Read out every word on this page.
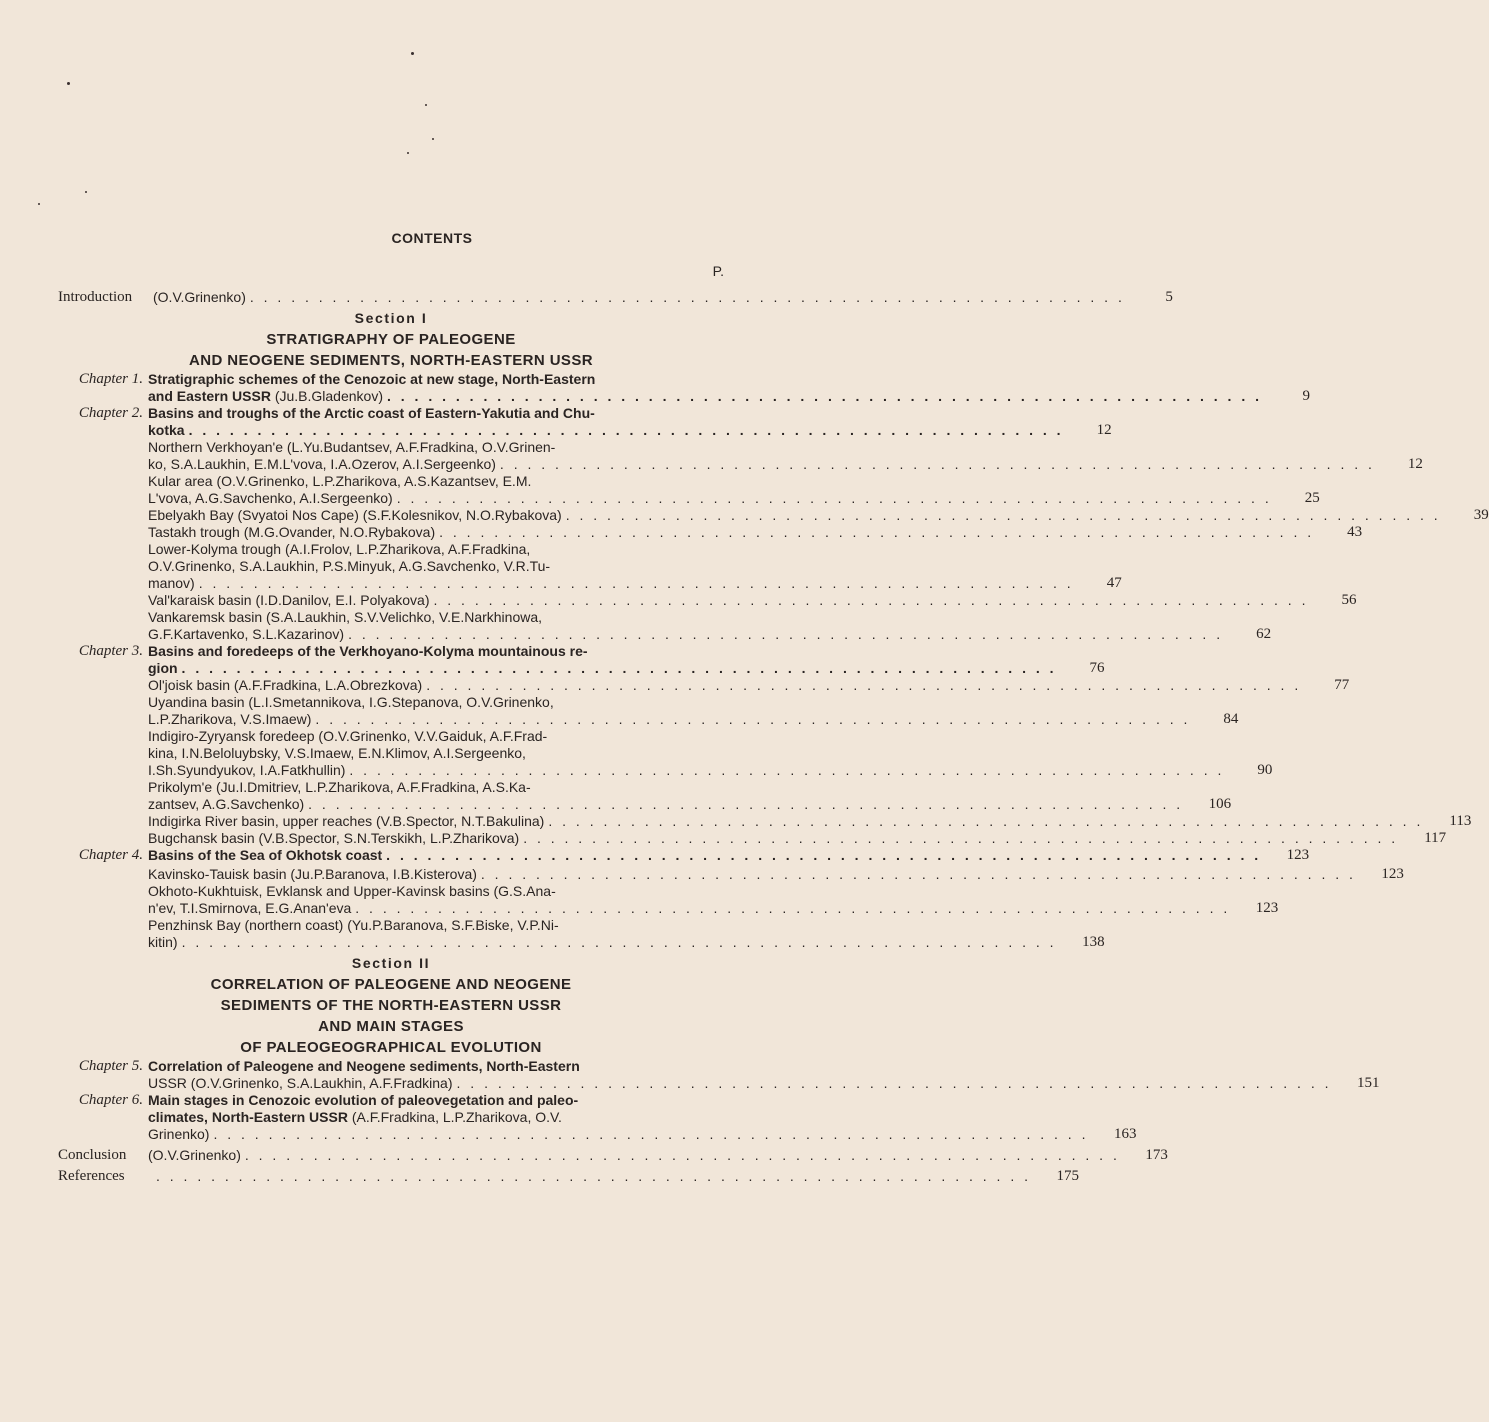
CONTENTS
P.
Introduction	(O.V.Grinenko) . . .	5
Section I
STRATIGRAPHY OF PALEOGENE
AND NEOGENE SEDIMENTS, NORTH-EASTERN USSR
Chapter 1. Stratigraphic schemes of the Cenozoic at new stage, North-Eastern
and Eastern USSR (Ju.B.Gladenkov) . . .	9
Chapter 2. Basins and troughs of the Arctic coast of Eastern-Yakutia and Chu-
kotka . . .	12
Northern Verkhoyan'e (L.Yu.Budantsev, A.F.Fradkina, O.V.Grinen-
ko, S.A.Laukhin, E.M.L'vova, I.A.Ozerov, A.I.Sergeenko) . . .	12
Kular area (O.V.Grinenko, L.P.Zharikova, A.S.Kazantsev, E.M.
L'vova, A.G.Savchenko, A.I.Sergeenko) . . .	25
Ebelyakh Bay (Svyatoi Nos Cape) (S.F.Kolesnikov, N.O.Rybakova) . . .	39
Tastakh trough (M.G.Ovander, N.O.Rybakova) . . .	43
Lower-Kolyma trough (A.I.Frolov, L.P.Zharikova, A.F.Fradkina,
O.V.Grinenko, S.A.Laukhin, P.S.Minyuk, A.G.Savchenko, V.R.Tu-
manov) . . .	47
Val'karaisk basin (I.D.Danilov, E.I. Polyakova) . . .	56
Vankaremsk basin (S.A.Laukhin, S.V.Velichko, V.E.Narkhinowa,
G.F.Kartavenko, S.L.Kazarinov) . . .	62
Chapter 3. Basins and foredeeps of the Verkhoyano-Kolyma mountainous re-
gion . . .	76
Ol'joisk basin (A.F.Fradkina, L.A.Obrezkova) . . .	77
Uyandina basin (L.I.Smetannikova, I.G.Stepanova, O.V.Grinenko,
L.P.Zharikova, V.S.Imaew) . . .	84
Indigiro-Zyryansk foredeep (O.V.Grinenko, V.V.Gaiduk, A.F.Frad-
kina, I.N.Beloluybsky, V.S.Imaew, E.N.Klimov, A.I.Sergeenko,
I.Sh.Syundyukov, I.A.Fatkhullin) . . .	90
Prikolym'e (Ju.I.Dmitriev, L.P.Zharikova, A.F.Fradkina, A.S.Ka-
zantsev, A.G.Savchenko) . . .	106
Indigirka River basin, upper reaches (V.B.Spector, N.T.Bakulina) . . .	113
Bugchansk basin (V.B.Spector, S.N.Terskikh, L.P.Zharikova) . . .	117
Chapter 4. Basins of the Sea of Okhotsk coast . . .	123
Kavinsko-Tauisk basin (Ju.P.Baranova, I.B.Kisterova) . . .	123
Okhoto-Kukhtuisk, Evklansk and Upper-Kavinsk basins (G.S.Ana-
n'ev, T.I.Smirnova, E.G.Anan'eva . . .	123
Penzhinsk Bay (northern coast) (Yu.P.Baranova, S.F.Biske, V.P.Ni-
kitin) . . .	138
Section II
CORRELATION OF PALEOGENE AND NEOGENE
SEDIMENTS OF THE NORTH-EASTERN USSR
AND MAIN STAGES
OF PALEOGEOGRAPHICAL EVOLUTION
Chapter 5. Correlation of Paleogene and Neogene sediments, North-Eastern
USSR (O.V.Grinenko, S.A.Laukhin, A.F.Fradkina) . . .	151
Chapter 6. Main stages in Cenozoic evolution of paleovegetation and paleo-
climates, North-Eastern USSR (A.F.Fradkina, L.P.Zharikova, O.V.
Grinenko) . . .	163
Conclusion	(O.V.Grinenko) . . .	173
References . . .	175
